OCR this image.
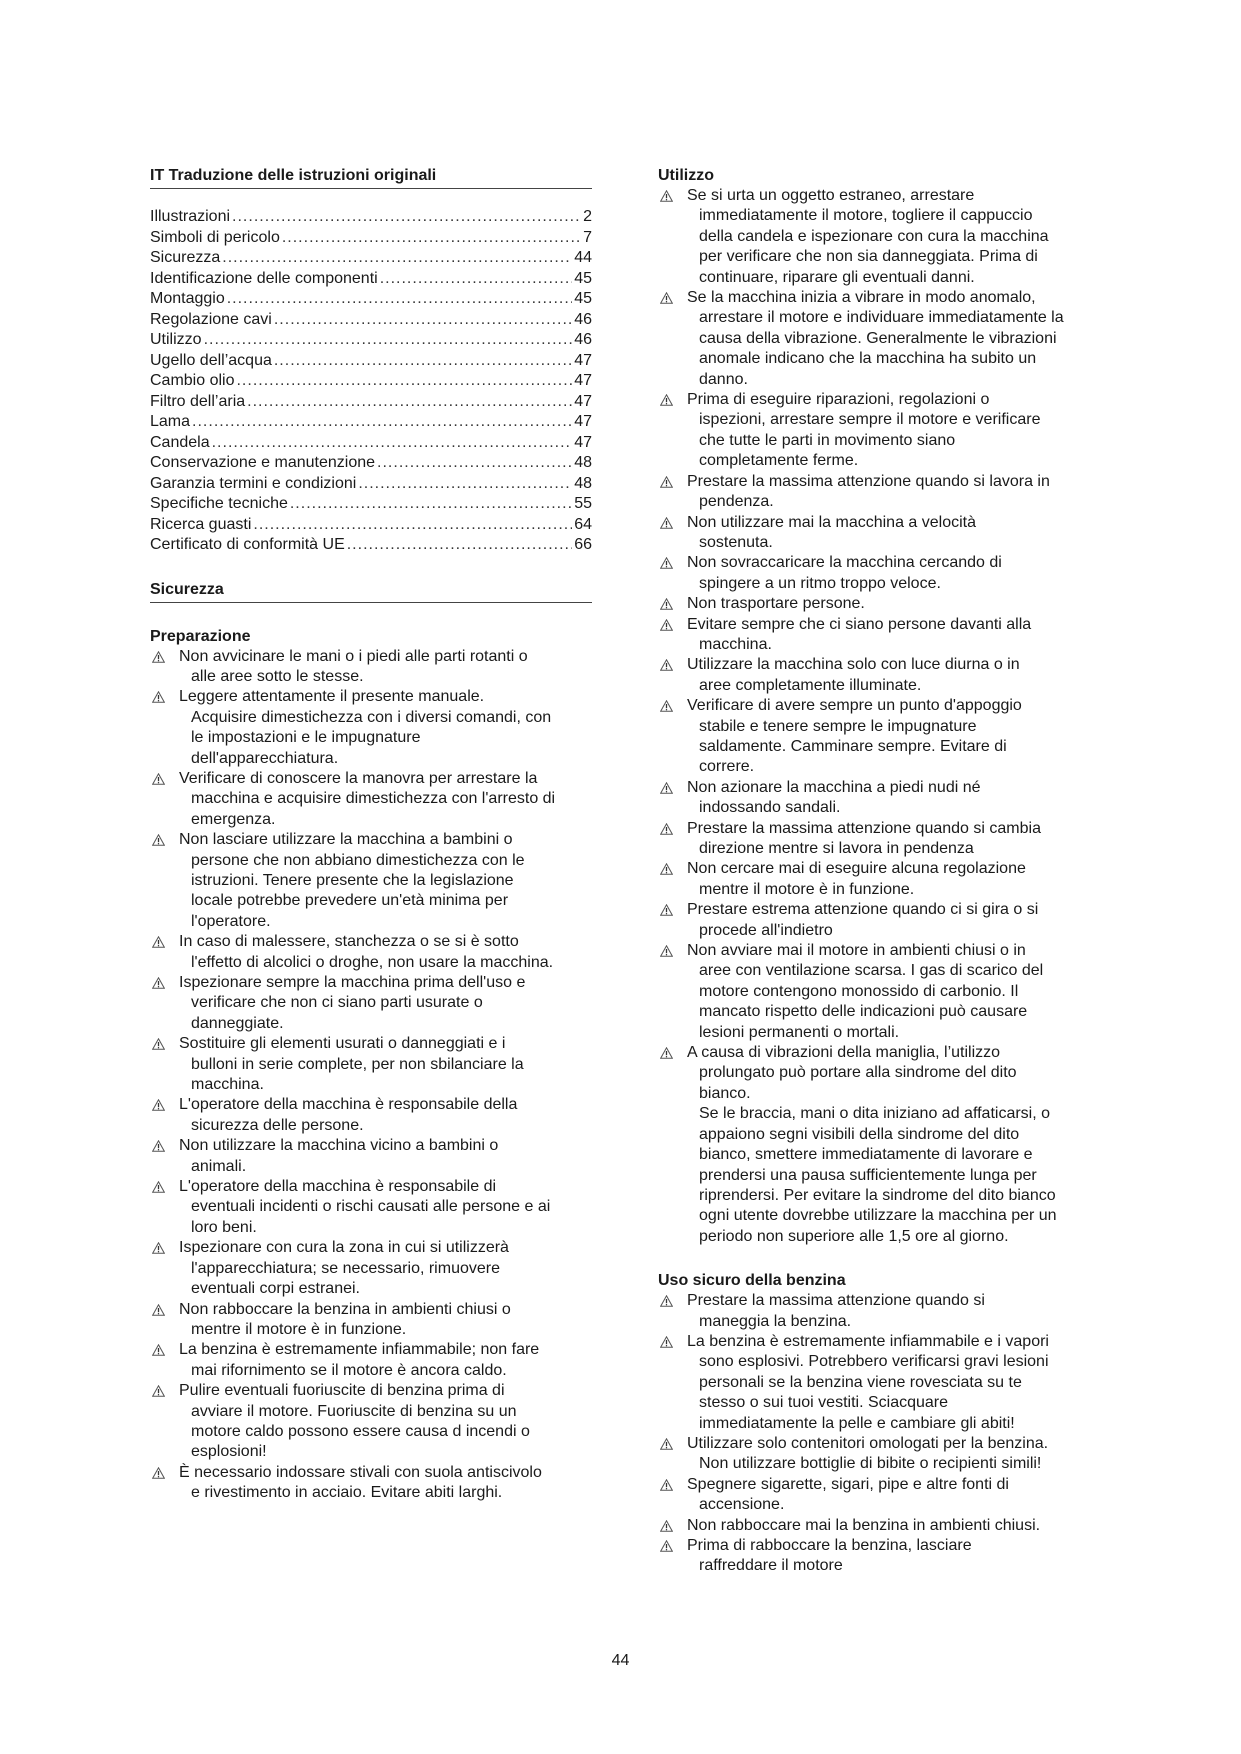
IT Traduzione delle istruzioni originali
Illustrazioni .....	2
Simboli di pericolo .....	7
Sicurezza .....	44
Identificazione delle componenti .....	45
Montaggio .....	45
Regolazione cavi .....	46
Utilizzo .....	46
Ugello dell’acqua .....	47
Cambio olio .....	47
Filtro dell’aria .....	47
Lama .....	47
Candela .....	47
Conservazione e manutenzione .....	48
Garanzia termini e condizioni .....	48
Specifiche tecniche .....	55
Ricerca guasti .....	64
Certificato di conformità UE .....	66
Sicurezza
Preparazione
Non avvicinare le mani o i piedi alle parti rotanti o
alle aree sotto le stesse.
Leggere attentamente il presente manuale.
Acquisire dimestichezza con i diversi comandi, con
le impostazioni e le impugnature
dell'apparecchiatura.
Verificare di conoscere la manovra per arrestare la
macchina e acquisire dimestichezza con l'arresto di
emergenza.
Non lasciare utilizzare la macchina a bambini o
persone che non abbiano dimestichezza con le
istruzioni. Tenere presente che la legislazione
locale potrebbe prevedere un'età minima per
l'operatore.
In caso di malessere, stanchezza o se si è sotto
l'effetto di alcolici o droghe, non usare la macchina.
Ispezionare sempre la macchina prima dell'uso e
verificare che non ci siano parti usurate o
danneggiate.
Sostituire gli elementi usurati o danneggiati e i
bulloni in serie complete, per non sbilanciare la
macchina.
L'operatore della macchina è responsabile della
sicurezza delle persone.
Non utilizzare la macchina vicino a bambini o
animali.
L'operatore della macchina è responsabile di
eventuali incidenti o rischi causati alle persone e ai
loro beni.
Ispezionare con cura la zona in cui si utilizzerà
l'apparecchiatura; se necessario, rimuovere
eventuali corpi estranei.
Non rabboccare la benzina in ambienti chiusi o
mentre il motore è in funzione.
La benzina è estremamente infiammabile; non fare
mai rifornimento se il motore è ancora caldo.
Pulire eventuali fuoriuscite di benzina prima di
avviare il motore. Fuoriuscite di benzina su un
motore caldo possono essere causa d incendi o
esplosioni!
È necessario indossare stivali con suola antiscivolo
e rivestimento in acciaio. Evitare abiti larghi.
Utilizzo
Se si urta un oggetto estraneo, arrestare
immediatamente il motore, togliere il cappuccio
della candela e ispezionare con cura la macchina
per verificare che non sia danneggiata. Prima di
continuare, riparare gli eventuali danni.
Se la macchina inizia a vibrare in modo anomalo,
arrestare il motore e individuare immediatamente la
causa della vibrazione. Generalmente le vibrazioni
anomale indicano che la macchina ha subito un
danno.
Prima di eseguire riparazioni, regolazioni o
ispezioni, arrestare sempre il motore e verificare
che tutte le parti in movimento siano
completamente ferme.
Prestare la massima attenzione quando si lavora in
pendenza.
Non utilizzare mai la macchina a velocità
sostenuta.
Non sovraccaricare la macchina cercando di
spingere a un ritmo troppo veloce.
Non trasportare persone.
Evitare sempre che ci siano persone davanti alla
macchina.
Utilizzare la macchina solo con luce diurna o in
aree completamente illuminate.
Verificare di avere sempre un punto d'appoggio
stabile e tenere sempre le impugnature
saldamente. Camminare sempre. Evitare di
correre.
Non azionare la macchina a piedi nudi né
indossando sandali.
Prestare la massima attenzione quando si cambia
direzione mentre si lavora in pendenza
Non cercare mai di eseguire alcuna regolazione
mentre il motore è in funzione.
Prestare estrema attenzione quando ci si gira o si
procede all'indietro
Non avviare mai il motore in ambienti chiusi o in
aree con ventilazione scarsa. I gas di scarico del
motore contengono monossido di carbonio. Il
mancato rispetto delle indicazioni può causare
lesioni permanenti o mortali.
A causa di vibrazioni della maniglia, l’utilizzo
prolungato può portare alla sindrome del dito
bianco.
Se le braccia, mani o dita iniziano ad affaticarsi, o
appaiono segni visibili della sindrome del dito
bianco, smettere immediatamente di lavorare e
prendersi una pausa sufficientemente lunga per
riprendersi. Per evitare la sindrome del dito bianco
ogni utente dovrebbe utilizzare la macchina per un
periodo non superiore alle 1,5 ore al giorno.
Uso sicuro della benzina
Prestare la massima attenzione quando si
maneggia la benzina.
La benzina è estremamente infiammabile e i vapori
sono esplosivi. Potrebbero verificarsi gravi lesioni
personali se la benzina viene rovesciata su te
stesso o sui tuoi vestiti. Sciacquare
immediatamente la pelle e cambiare gli abiti!
Utilizzare solo contenitori omologati per la benzina.
Non utilizzare bottiglie di bibite o recipienti simili!
Spegnere sigarette, sigari, pipe e altre fonti di
accensione.
Non rabboccare mai la benzina in ambienti chiusi.
Prima di rabboccare la benzina, lasciare
raffreddare il motore
44
